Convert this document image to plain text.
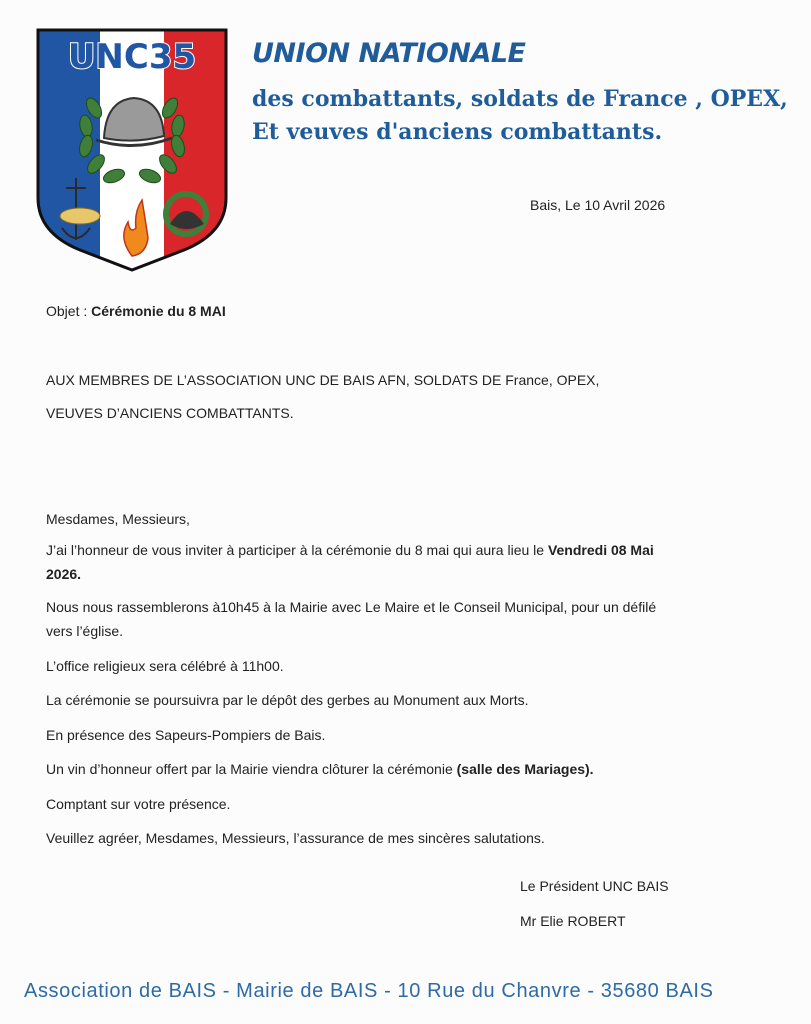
UNC35 UNION NATIONALE
des combattants, soldats de France , OPEX,
Et veuves d'anciens combattants.
Bais, Le 10 Avril 2026
Objet : Cérémonie du 8 MAI
AUX MEMBRES DE L’ASSOCIATION UNC DE BAIS AFN, SOLDATS DE France, OPEX,
VEUVES D’ANCIENS COMBATTANTS.
Mesdames, Messieurs,
J’ai l’honneur de vous inviter à participer à la cérémonie du 8 mai qui aura lieu le Vendredi 08 Mai
2026.
Nous nous rassemblerons à10h45 à la Mairie avec Le Maire et le Conseil Municipal, pour un défilé
vers l’église.
L’office religieux sera célébré à 11h00.
La cérémonie se poursuivra par le dépôt des gerbes au Monument aux Morts.
En présence des Sapeurs-Pompiers de Bais.
Un vin d’honneur offert par la Mairie viendra clôturer la cérémonie (salle des Mariages).
Comptant sur votre présence.
Veuillez agréer, Mesdames, Messieurs, l’assurance de mes sincères salutations.
Le Président UNC BAIS
Mr Elie ROBERT
Association de BAIS - Mairie de BAIS - 10 Rue du Chanvre - 35680 BAIS
